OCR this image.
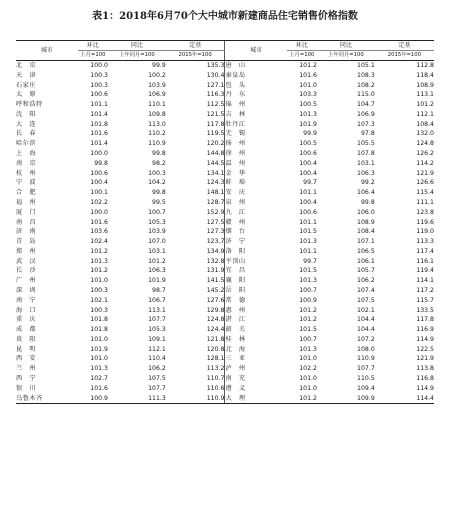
表1：2018年6月70个大中城市新建商品住宅销售价格指数
城市	环比	同比	定基	城市	环比	同比	定基
	上月=100	上年同月=100	2015年=100		上月=100	上年同月=100	2015年=100
北　京	100.0	99.9	135.3	唐　山	101.2	105.1	112.8
天　津	100.3	100.2	130.4	秦皇岛	101.6	108.3	118.4
石家庄	100.3	103.9	127.1	包　头	101.0	108.2	108.9
太　原	100.6	106.9	116.3	丹　东	103.3	115.0	113.1
呼和浩特	101.1	110.1	112.5	锦　州	100.5	104.7	101.2
沈　阳	101.4	109.8	121.5	吉　林	101.3	106.9	112.1
大　连	101.8	113.0	117.8	牡丹江	101.9	107.3	108.4
长　春	101.6	110.2	119.5	无　锡	99.9	97.8	132.0
哈尔滨	101.4	110.9	120.2	扬　州	100.5	105.5	124.8
上　海	100.0	99.8	144.8	徐　州	100.6	107.8	126.2
南　京	99.8	98.2	144.5	温　州	100.4	103.1	114.2
杭　州	100.6	100.3	134.1	金　华	100.4	106.3	121.9
宁　波	100.4	104.2	124.3	蚌　埠	99.7	99.2	126.6
合　肥	100.1	99.8	148.1	安　庆	101.1	106.4	115.4
福　州	102.2	99.5	128.7	泉　州	100.4	99.8	111.1
厦　门	100.0	100.7	152.9	九　江	100.6	106.0	123.8
南　昌	101.6	105.3	127.5	赣　州	101.1	108.9	119.6
济　南	103.6	103.9	127.3	烟　台	101.5	108.4	119.0
青　岛	102.4	107.0	123.7	济　宁	101.3	107.1	113.3
郑　州	101.2	103.1	134.9	洛　阳	101.1	106.5	117.4
武　汉	101.3	101.2	132.8	平顶山	99.7	106.1	116.1
长　沙	101.2	106.3	131.9	宜　昌	101.5	105.7	119.4
广　州	101.0	101.9	141.5	襄　阳	101.3	106.2	114.1
深　圳	100.3	98.7	145.2	岳　阳	100.7	107.4	117.2
南　宁	102.1	106.7	127.6	常　德	100.9	107.5	115.7
海　口	100.3	113.1	129.8	惠　州	101.2	102.1	133.5
重　庆	101.8	107.7	124.8	湛　江	101.2	104.4	117.8
成　都	101.8	105.3	124.4	韶　关	101.5	104.4	116.9
贵　阳	101.0	109.1	121.8	桂　林	100.7	107.2	114.9
昆　明	101.9	112.1	120.8	北　海	101.3	108.0	122.5
西　安	101.0	110.4	128.1	三　亚	101.0	110.9	121.9
兰　州	101.3	106.2	113.2	泸　州	102.2	107.7	113.8
西　宁	102.7	107.5	110.7	南　充	101.0	110.5	116.8
银　川	101.6	107.7	110.6	遵　义	101.0	109.4	114.9
乌鲁木齐	100.9	111.3	110.9	大　理	101.2	109.9	114.4
